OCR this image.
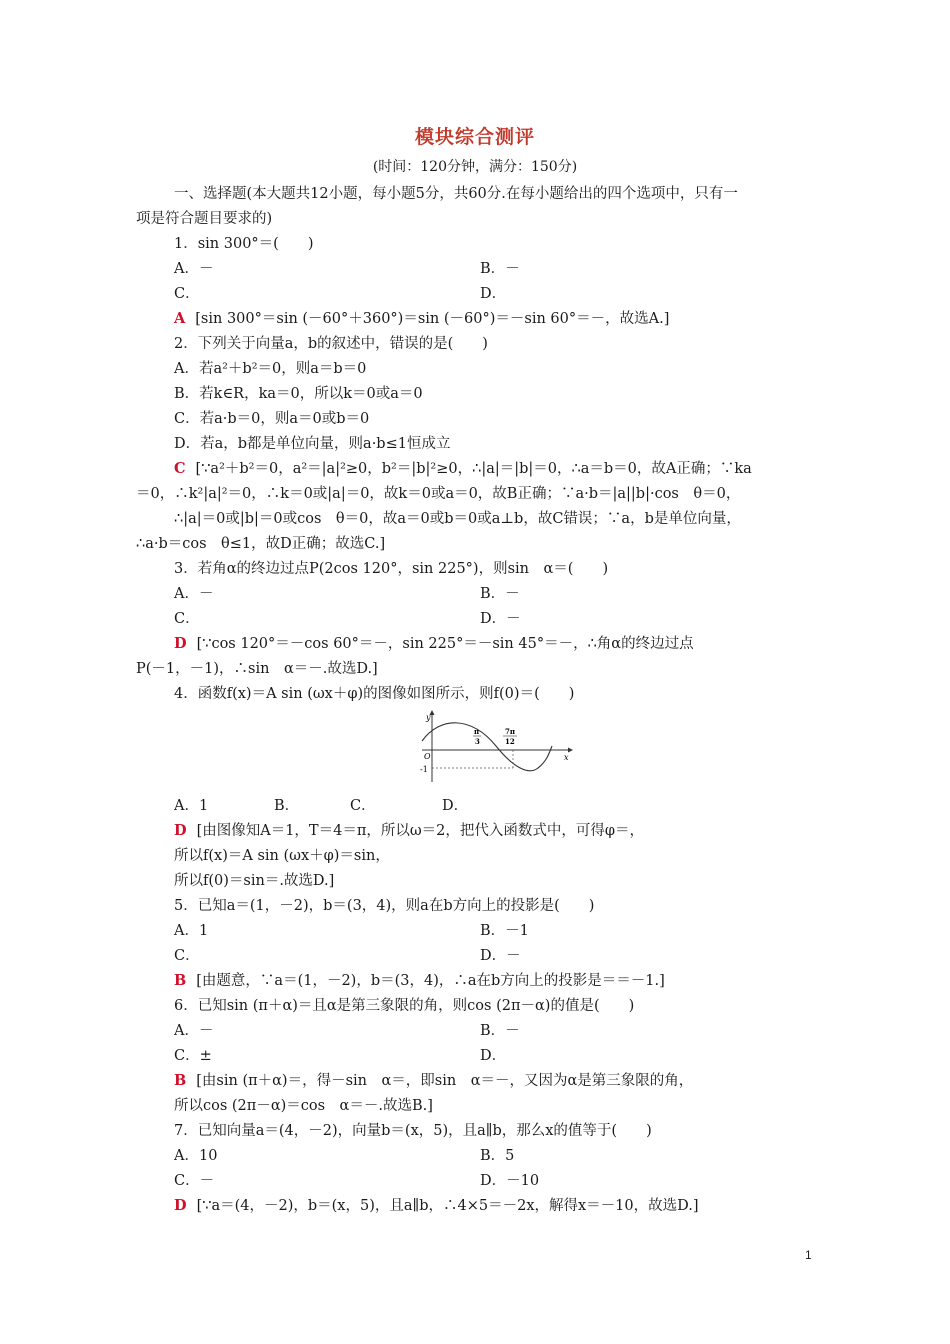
模块综合测评
(时间：120分钟，满分：150分)
一、选择题(本大题共12小题，每小题5分，共60分.在每小题给出的四个选项中，只有一
项是符合题目要求的)
1．sin 300°＝(　　)
A．－	B．－
C．	D．
A [sin 300°＝sin (－60°＋360°)＝sin (－60°)＝－sin 60°＝－，故选A.]
2．下列关于向量a，b的叙述中，错误的是(　　)
A．若a²＋b²＝0，则a＝b＝0
B．若k∈R，ka＝0，所以k＝0或a＝0
C．若a·b＝0，则a＝0或b＝0
D．若a，b都是单位向量，则a·b≤1恒成立
C [∵a²＋b²＝0，a²＝|a|²≥0，b²＝|b|²≥0，∴|a|＝|b|＝0，∴a＝b＝0，故A正确；∵ka
＝0，∴k²|a|²＝0，∴k＝0或|a|＝0，故k＝0或a＝0，故B正确；∵a·b＝|a||b|·cos　θ＝0，
∴|a|＝0或|b|＝0或cos　θ＝0，故a＝0或b＝0或a⊥b，故C错误；∵a，b是单位向量，
∴a·b＝cos　θ≤1，故D正确；故选C.]
3．若角α的终边过点P(2cos 120°，sin 225°)，则sin　α＝(　　)
A．－	B．－
C．	D．－
D [∵cos 120°＝－cos 60°＝－，sin 225°＝－sin 45°＝－，∴角α的终边过点
P(－1，－1)，∴sin　α＝－.故选D.]
4．函数f(x)＝A sin (ωx＋φ)的图像如图所示，则f(0)＝(　　)
y
x
O
-1
π
3
7π
12
A．1	B．	C．	D．
D [由图像知A＝1，T＝4＝π，所以ω＝2，把代入函数式中，可得φ＝，
所以f(x)＝A sin (ωx＋φ)＝sin，
所以f(0)＝sin＝.故选D.]
5．已知a＝(1，－2)，b＝(3，4)，则a在b方向上的投影是(　　)
A．1	B．－1
C．	D．－
B [由题意，∵a＝(1，－2)，b＝(3，4)，∴a在b方向上的投影是＝＝－1.]
6．已知sin (π＋α)＝且α是第三象限的角，则cos (2π－α)的值是(　　)
A．－	B．－
C．±	D．
B [由sin (π＋α)＝，得－sin　α＝，即sin　α＝－，又因为α是第三象限的角，
所以cos (2π－α)＝cos　α＝－.故选B.]
7．已知向量a＝(4，－2)，向量b＝(x，5)，且a∥b，那么x的值等于(　　)
A．10	B．5
C．－	D．－10
D [∵a＝(4，－2)，b＝(x，5)，且a∥b，∴4×5＝－2x，解得x＝－10，故选D.]
1
